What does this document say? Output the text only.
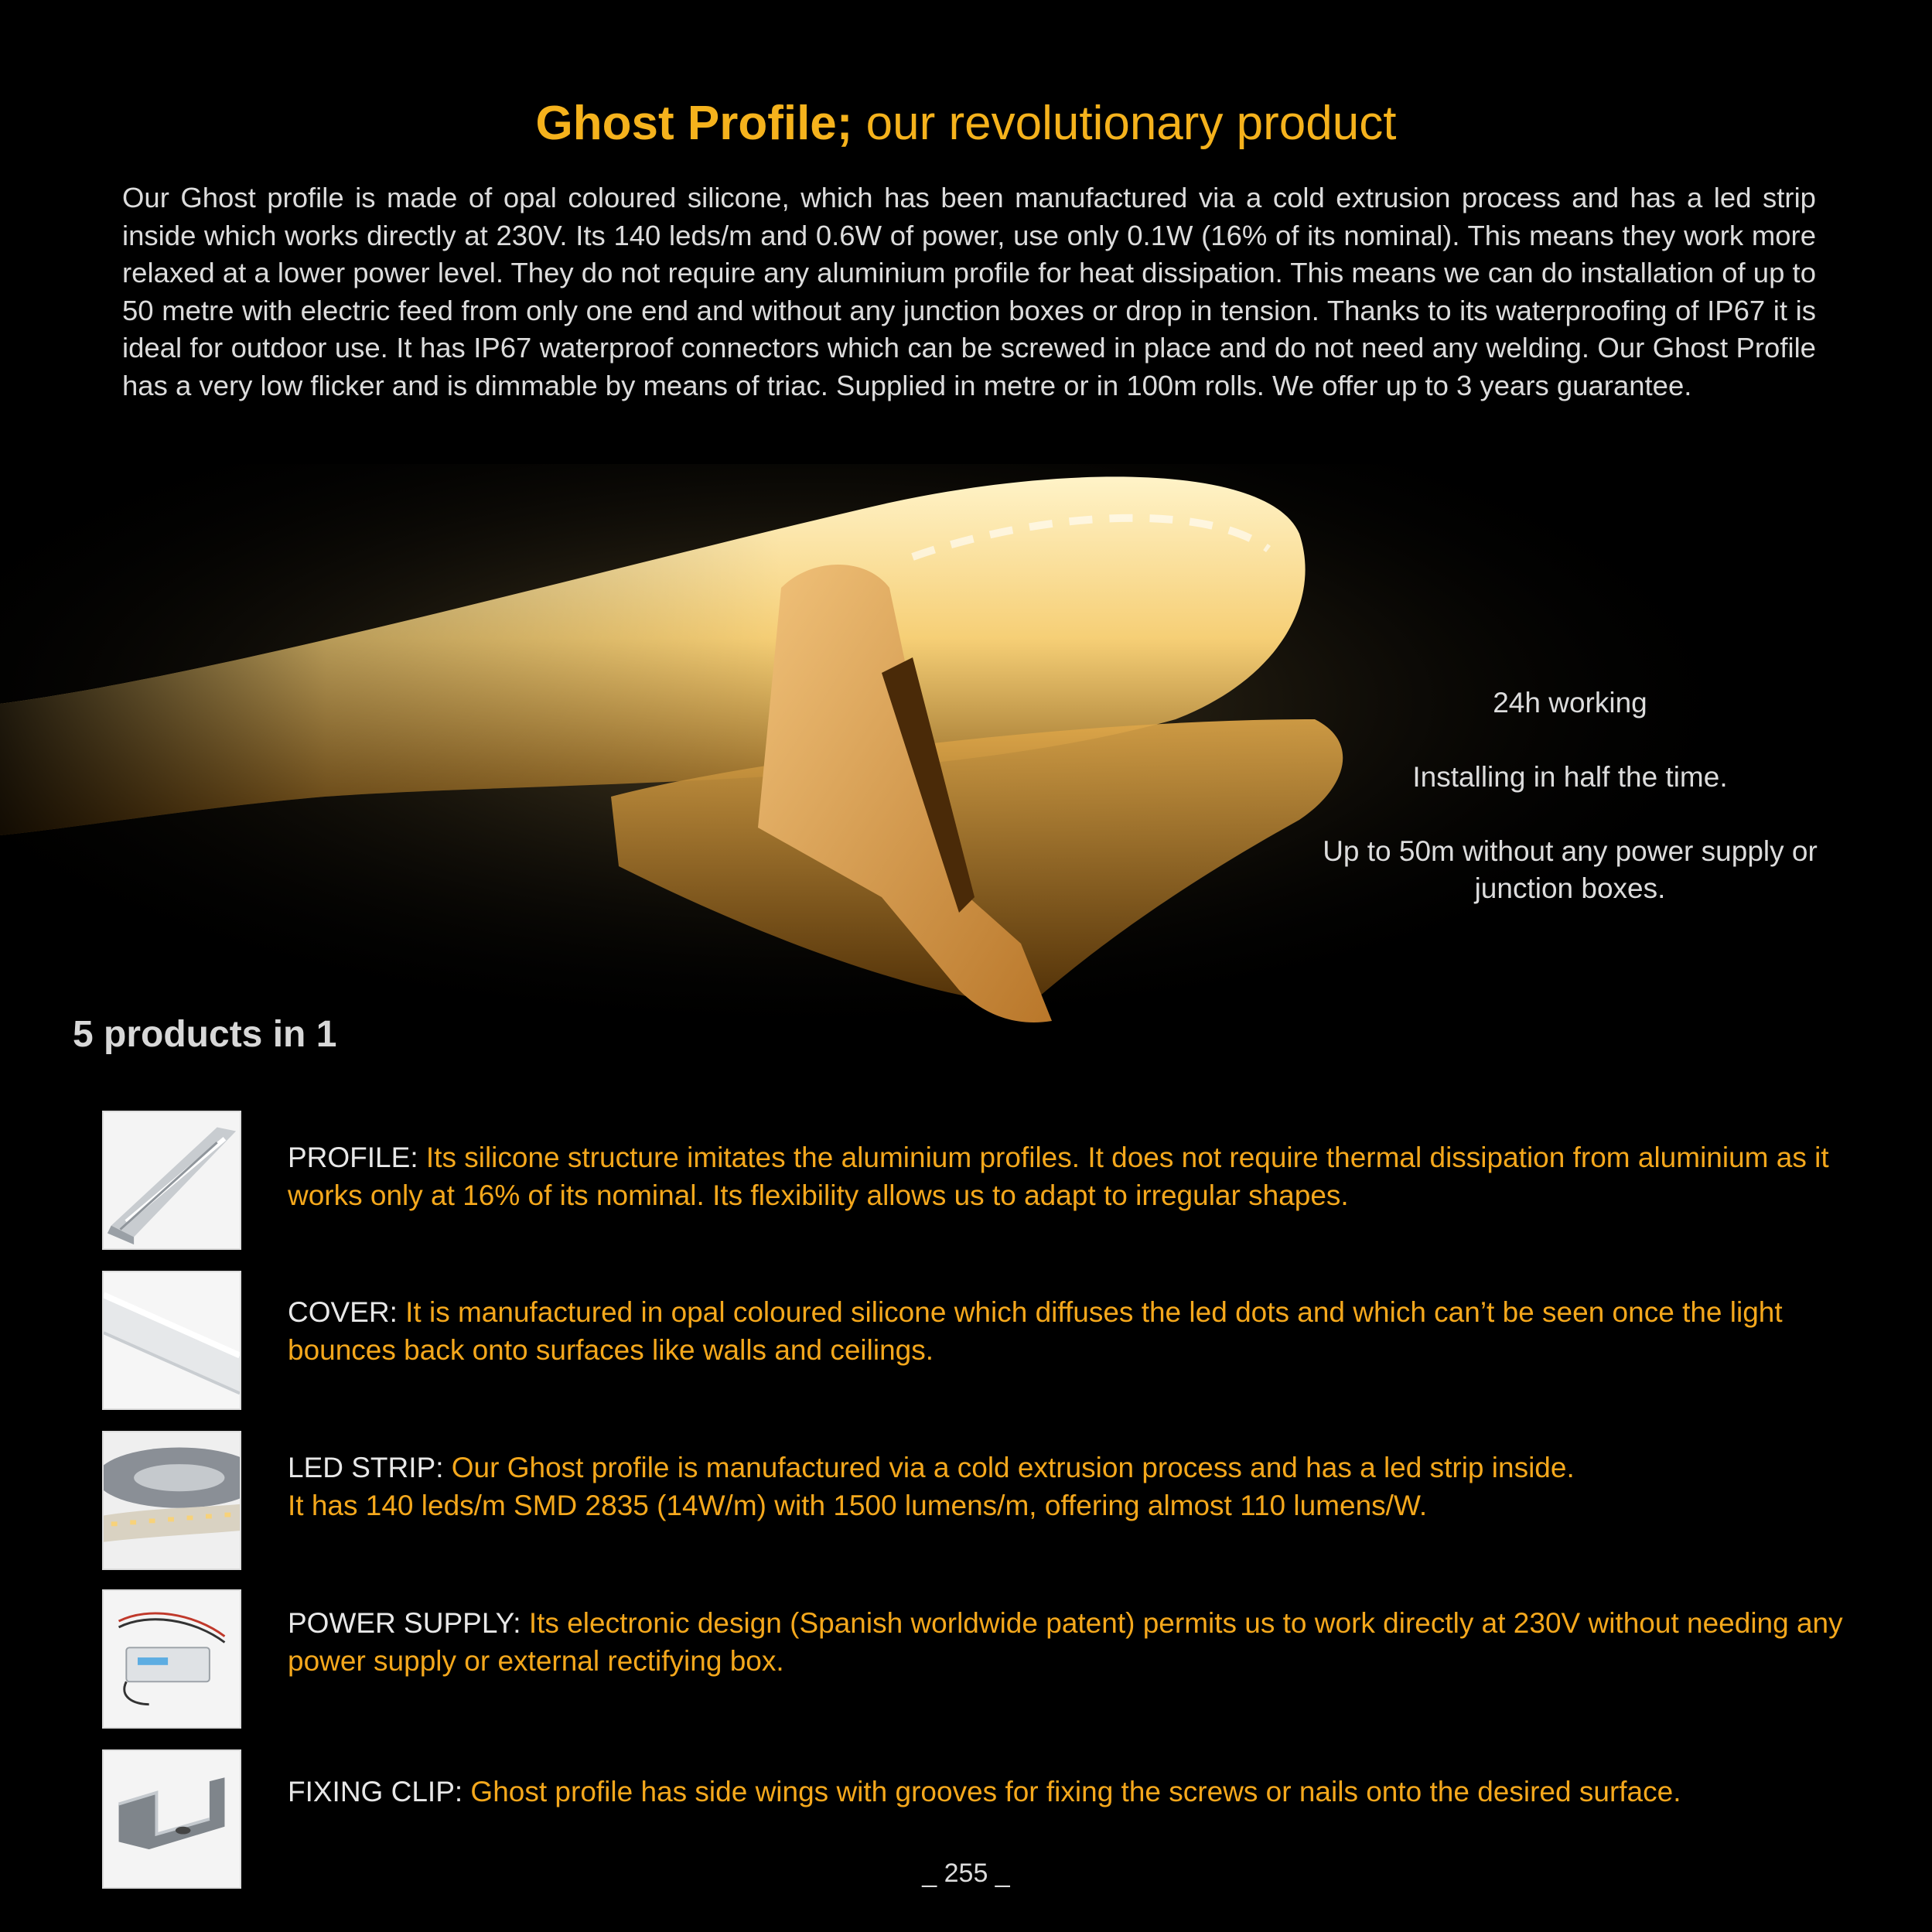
Ghost Profile; our revolutionary product

Our Ghost profile is made of opal coloured silicone, which has been manufactured via a cold extrusion process and has a led strip inside which works directly at 230V. Its 140 leds/m and 0.6W of power, use only 0.1W (16% of its nominal). This means they work more relaxed at a lower power level. They do not require any aluminium profile for heat dissipation. This means we can do installation of up to 50 metre with electric feed from only one end and without any junction boxes or drop in tension. Thanks to its waterproofing of IP67 it is ideal for outdoor use. It has IP67 waterproof connectors which can be screwed in place and do not need any welding. Our Ghost Profile has a very low flicker and is dimmable by means of triac. Supplied in metre or in 100m rolls. We offer up to 3 years guarantee.

24h working
Installing in half the time.
Up to 50m without any power supply or junction boxes.
5 products in 1
PROFILE: Its silicone structure imitates the aluminium profiles. It does not require thermal dissipation from aluminium as it works only at 16% of its nominal. Its flexibility allows us to adapt to irregular shapes.
COVER: It is manufactured in opal coloured silicone which diffuses the led dots and which can’t be seen once the light bounces back onto surfaces like walls and ceilings.
LED STRIP: Our Ghost profile is manufactured via a cold extrusion process and has a led strip inside.
It has 140 leds/m SMD 2835 (14W/m) with 1500 lumens/m, offering almost 110 lumens/W.
POWER SUPPLY: Its electronic design (Spanish worldwide patent) permits us to work directly at 230V without needing any power supply or external rectifying box.
FIXING CLIP: Ghost profile has side wings with grooves for fixing the screws or nails onto the desired surface.
_ 255 _
